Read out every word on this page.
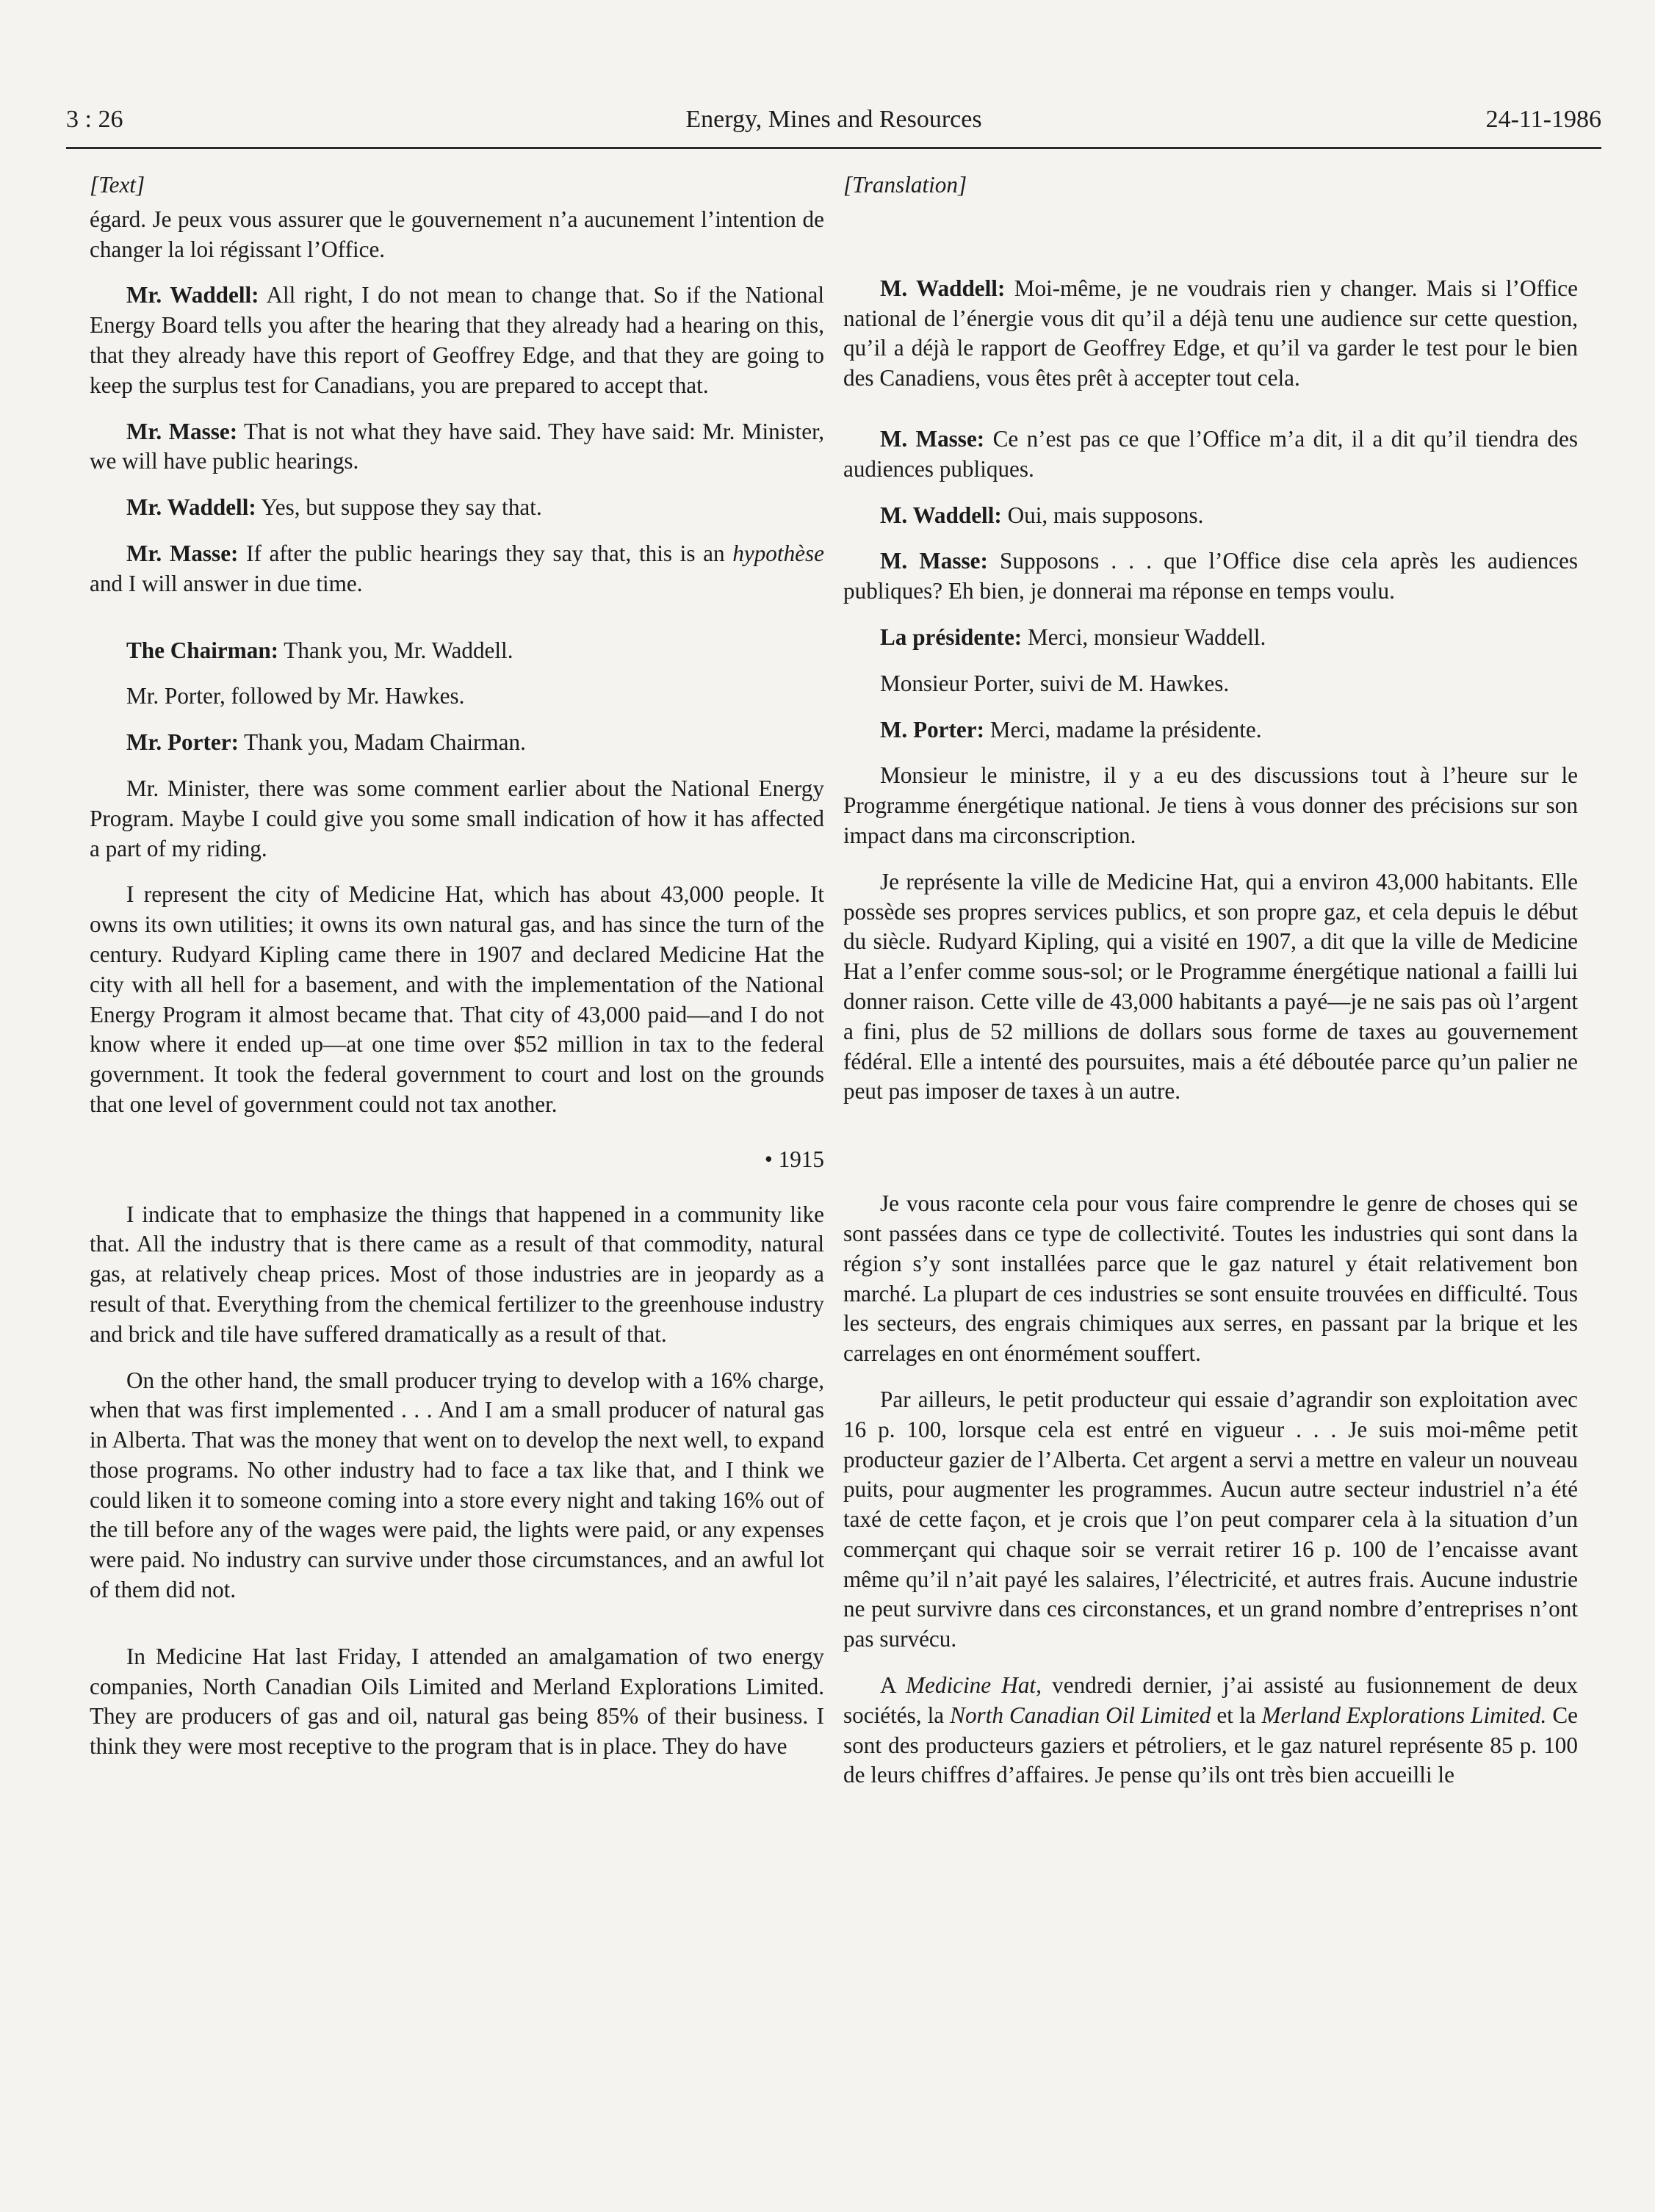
3 : 26	Energy, Mines and Resources	24-11-1986

[Text]

égard. Je peux vous assurer que le gouvernement n’a aucunement l’intention de changer la loi régissant l’Office.

Mr. Waddell: All right, I do not mean to change that. So if the National Energy Board tells you after the hearing that they already had a hearing on this, that they already have this report of Geoffrey Edge, and that they are going to keep the surplus test for Canadians, you are prepared to accept that.

Mr. Masse: That is not what they have said. They have said: Mr. Minister, we will have public hearings.

Mr. Waddell: Yes, but suppose they say that.

Mr. Masse: If after the public hearings they say that, this is an hypothèse and I will answer in due time.

The Chairman: Thank you, Mr. Waddell.

Mr. Porter, followed by Mr. Hawkes.

Mr. Porter: Thank you, Madam Chairman.

Mr. Minister, there was some comment earlier about the National Energy Program. Maybe I could give you some small indication of how it has affected a part of my riding.

I represent the city of Medicine Hat, which has about 43,000 people. It owns its own utilities; it owns its own natural gas, and has since the turn of the century. Rudyard Kipling came there in 1907 and declared Medicine Hat the city with all hell for a basement, and with the implementation of the National Energy Program it almost became that. That city of 43,000 paid—and I do not know where it ended up—at one time over $52 million in tax to the federal government. It took the federal government to court and lost on the grounds that one level of government could not tax another.

• 1915

I indicate that to emphasize the things that happened in a community like that. All the industry that is there came as a result of that commodity, natural gas, at relatively cheap prices. Most of those industries are in jeopardy as a result of that. Everything from the chemical fertilizer to the greenhouse industry and brick and tile have suffered dramatically as a result of that.

On the other hand, the small producer trying to develop with a 16% charge, when that was first implemented . . . And I am a small producer of natural gas in Alberta. That was the money that went on to develop the next well, to expand those programs. No other industry had to face a tax like that, and I think we could liken it to someone coming into a store every night and taking 16% out of the till before any of the wages were paid, the lights were paid, or any expenses were paid. No industry can survive under those circumstances, and an awful lot of them did not.

In Medicine Hat last Friday, I attended an amalgamation of two energy companies, North Canadian Oils Limited and Merland Explorations Limited. They are producers of gas and oil, natural gas being 85% of their business. I think they were most receptive to the program that is in place. They do have

[Translation]

M. Waddell: Moi-même, je ne voudrais rien y changer. Mais si l’Office national de l’énergie vous dit qu’il a déjà tenu une audience sur cette question, qu’il a déjà le rapport de Geoffrey Edge, et qu’il va garder le test pour le bien des Canadiens, vous êtes prêt à accepter tout cela.

M. Masse: Ce n’est pas ce que l’Office m’a dit, il a dit qu’il tiendra des audiences publiques.

M. Waddell: Oui, mais supposons.

M. Masse: Supposons . . . que l’Office dise cela après les audiences publiques? Eh bien, je donnerai ma réponse en temps voulu.

La présidente: Merci, monsieur Waddell.

Monsieur Porter, suivi de M. Hawkes.

M. Porter: Merci, madame la présidente.

Monsieur le ministre, il y a eu des discussions tout à l’heure sur le Programme énergétique national. Je tiens à vous donner des précisions sur son impact dans ma circonscription.

Je représente la ville de Medicine Hat, qui a environ 43,000 habitants. Elle possède ses propres services publics, et son propre gaz, et cela depuis le début du siècle. Rudyard Kipling, qui a visité en 1907, a dit que la ville de Medicine Hat a l’enfer comme sous-sol; or le Programme énergétique national a failli lui donner raison. Cette ville de 43,000 habitants a payé—je ne sais pas où l’argent a fini, plus de 52 millions de dollars sous forme de taxes au gouvernement fédéral. Elle a intenté des poursuites, mais a été déboutée parce qu’un palier ne peut pas imposer de taxes à un autre.

Je vous raconte cela pour vous faire comprendre le genre de choses qui se sont passées dans ce type de collectivité. Toutes les industries qui sont dans la région s’y sont installées parce que le gaz naturel y était relativement bon marché. La plupart de ces industries se sont ensuite trouvées en difficulté. Tous les secteurs, des engrais chimiques aux serres, en passant par la brique et les carrelages en ont énormément souffert.

Par ailleurs, le petit producteur qui essaie d’agrandir son exploitation avec 16 p. 100, lorsque cela est entré en vigueur . . . Je suis moi-même petit producteur gazier de l’Alberta. Cet argent a servi a mettre en valeur un nouveau puits, pour augmenter les programmes. Aucun autre secteur industriel n’a été taxé de cette façon, et je crois que l’on peut comparer cela à la situation d’un commerçant qui chaque soir se verrait retirer 16 p. 100 de l’encaisse avant même qu’il n’ait payé les salaires, l’électricité, et autres frais. Aucune industrie ne peut survivre dans ces circonstances, et un grand nombre d’entreprises n’ont pas survécu.

A Medicine Hat, vendredi dernier, j’ai assisté au fusionnement de deux sociétés, la North Canadian Oil Limited et la Merland Explorations Limited. Ce sont des producteurs gaziers et pétroliers, et le gaz naturel représente 85 p. 100 de leurs chiffres d’affaires. Je pense qu’ils ont très bien accueilli le
